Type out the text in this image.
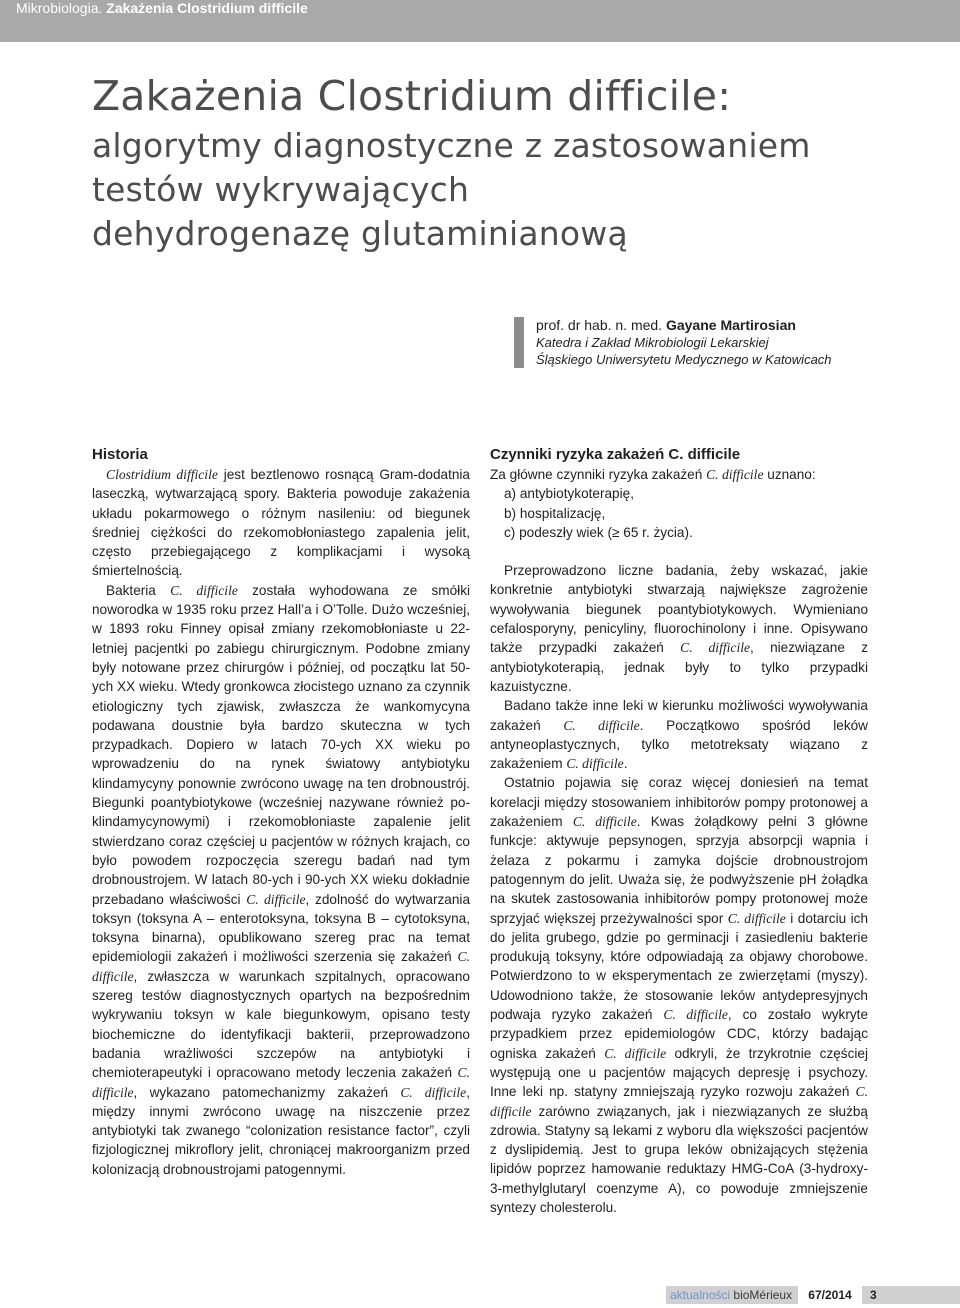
Mikrobiologia. Zakażenia Clostridium difficile
Zakażenia Clostridium difficile:
algorytmy diagnostyczne z zastosowaniem
testów wykrywających
dehydrogenazę glutaminianową
prof. dr hab. n. med. Gayane Martirosian
Katedra i Zakład Mikrobiologii Lekarskiej
Śląskiego Uniwersytetu Medycznego w Katowicach
Historia

Clostridium difficile jest beztlenowo rosnącą Gram-dodatnia laseczką, wytwarzającą spory. Bakteria powoduje zakażenia układu pokarmowego o różnym nasileniu: od biegunek średniej ciężkości do rzekomobłoniastego zapalenia jelit, często przebiegającego z komplikacjami i wysoką śmiertelnością.

Bakteria C. difficile została wyhodowana ze smółki noworodka w 1935 roku przez Hall’a i O’Tolle. Dużo wcześniej, w 1893 roku Finney opisał zmiany rzekomobłoniaste u 22- letniej pacjentki po zabiegu chirurgicznym. Podobne zmiany były notowane przez chirurgów i później, od początku lat 50-ych XX wieku. Wtedy gronkowca złocistego uznano za czynnik etiologiczny tych zjawisk, zwłaszcza że wankomycyna podawana doustnie była bardzo skuteczna w tych przypadkach. Dopiero w latach 70-ych XX wieku po wprowadzeniu do na rynek światowy antybiotyku klindamycyny ponownie zwrócono uwagę na ten drobnoustrój. Biegunki poantybiotykowe (wcześniej nazywane również po-klindamycynowymi) i rzekomobłoniaste zapalenie jelit stwierdzano coraz częściej u pacjentów w różnych krajach, co było powodem rozpoczęcia szeregu badań nad tym drobnoustrojem. W latach 80-ych i 90-ych XX wieku dokładnie przebadano właściwości C. difficile, zdolność do wytwarzania toksyn (toksyna A – enterotoksyna, toksyna B – cytotoksyna, toksyna binarna), opublikowano szereg prac na temat epidemiologii zakażeń i możliwości szerzenia się zakażeń C. difficile, zwłaszcza w warunkach szpitalnych, opracowano szereg testów diagnostycznych opartych na bezpośrednim wykrywaniu toksyn w kale biegunkowym, opisano testy biochemiczne do identyfikacji bakterii, przeprowadzono badania wrażliwości szczepów na antybiotyki i chemioterapeutyki i opracowano metody leczenia zakażeń C. difficile, wykazano patomechanizmy zakażeń C. difficile, między innymi zwrócono uwagę na niszczenie przez antybiotyki tak zwanego “colonization resistance factor”, czyli fizjologicznej mikroflory jelit, chroniącej makroorganizm przed kolonizacją drobnoustrojami patogennymi.

Czynniki ryzyka zakażeń C. difficile

Za główne czynniki ryzyka zakażeń C. difficile uznano:

a) antybiotykoterapię,
b) hospitalizację,
c) podeszły wiek (≥ 65 r. życia).

Przeprowadzono liczne badania, żeby wskazać, jakie konkretnie antybiotyki stwarzają największe zagrożenie wywoływania biegunek poantybiotykowych. Wymieniano cefalosporyny, penicyliny, fluorochinolony i inne. Opisywano także przypadki zakażeń C. difficile, niezwiązane z antybiotykoterapią, jednak były to tylko przypadki kazuistyczne.

Badano także inne leki w kierunku możliwości wywoływania zakażeń C. difficile. Początkowo spośród leków antyneoplastycznych, tylko metotreksaty wiązano z zakażeniem C. difficile.

Ostatnio pojawia się coraz więcej doniesień na temat korelacji między stosowaniem inhibitorów pompy protonowej a zakażeniem C. difficile. Kwas żołądkowy pełni 3 główne funkcje: aktywuje pepsynogen, sprzyja absorpcji wapnia i żelaza z pokarmu i zamyka dojście drobnoustrojom patogennym do jelit. Uważa się, że podwyższenie pH żołądka na skutek zastosowania inhibitorów pompy protonowej może sprzyjać większej przeżywalności spor C. difficile i dotarciu ich do jelita grubego, gdzie po germinacji i zasiedleniu bakterie produkują toksyny, które odpowiadają za objawy chorobowe. Potwierdzono to w eksperymentach ze zwierzętami (myszy). Udowodniono także, że stosowanie leków antydepresyjnych podwaja ryzyko zakażeń C. difficile, co zostało wykryte przypadkiem przez epidemiologów CDC, którzy badając ogniska zakażeń C. difficile odkryli, że trzykrotnie częściej występują one u pacjentów mających depresję i psychozy. Inne leki np. statyny zmniejszają ryzyko rozwoju zakażeń C. difficile zarówno związanych, jak i niezwiązanych ze służbą zdrowia. Statyny są lekami z wyboru dla większości pacjentów z dyslipidemią. Jest to grupa leków obniżających stężenia lipidów poprzez hamowanie reduktazy HMG-CoA (3-hydroxy-3-methylglutaryl coenzyme A), co powoduje zmniejszenie syntezy cholesterolu.

aktualności bioMérieux	67/2014	3
